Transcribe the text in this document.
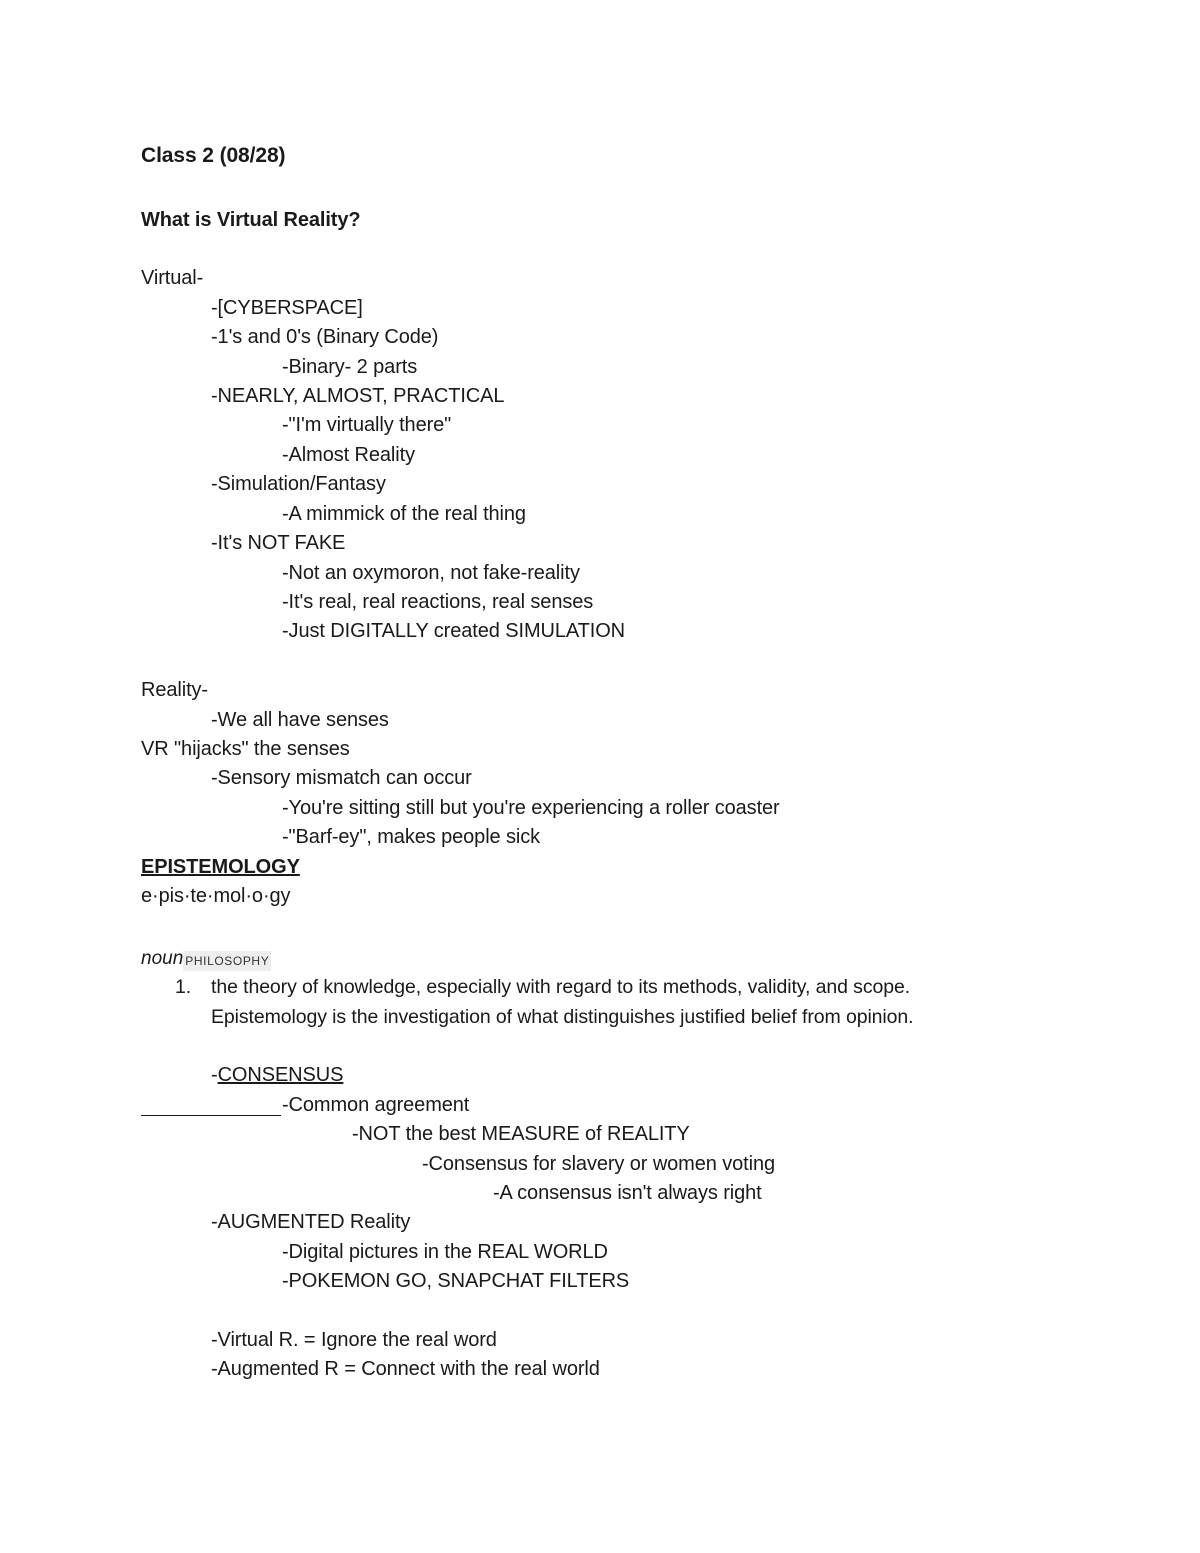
Class 2 (08/28)
What is Virtual Reality?
Virtual-
-[CYBERSPACE]
-1's and 0's (Binary Code)
-Binary- 2 parts
-NEARLY, ALMOST, PRACTICAL
-"I'm virtually there"
-Almost Reality
-Simulation/Fantasy
-A mimmick of the real thing
-It's NOT FAKE
-Not an oxymoron, not fake-reality
-It's real, real reactions, real senses
-Just DIGITALLY created SIMULATION
Reality-
-We all have senses
VR "hijacks" the senses
-Sensory mismatch can occur
-You're sitting still but you're experiencing a roller coaster
-"Barf-ey", makes people sick
EPISTEMOLOGY
e·pis·te·mol·o·gy
noun PHILOSOPHY
1. the theory of knowledge, especially with regard to its methods, validity, and scope.
Epistemology is the investigation of what distinguishes justified belief from opinion.
-CONSENSUS
-Common agreement
-NOT the best MEASURE of REALITY
-Consensus for slavery or women voting
-A consensus isn't always right
-AUGMENTED Reality
-Digital pictures in the REAL WORLD
-POKEMON GO, SNAPCHAT FILTERS
-Virtual R. = Ignore the real word
-Augmented R = Connect with the real world
